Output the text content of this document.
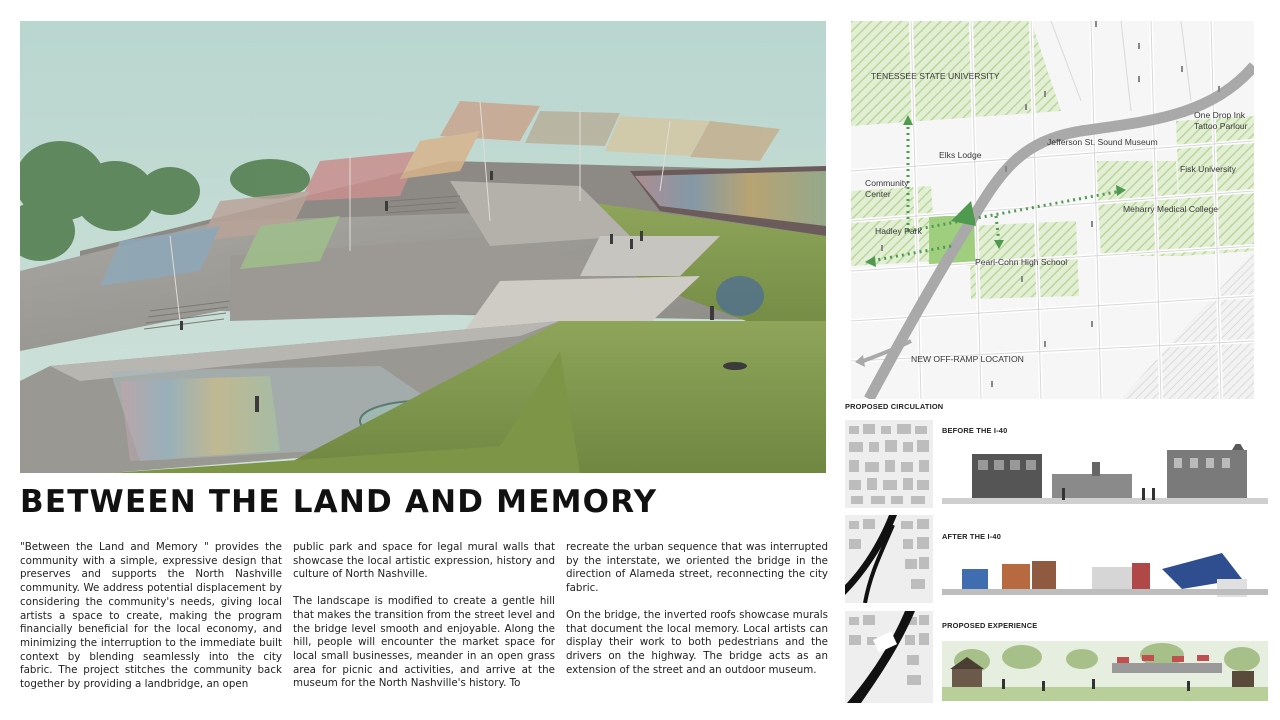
BETWEEN THE LAND AND MEMORY

"Between the Land and Memory " provides the community with a simple, expressive design that preserves and supports the North Nashville community. We address potential displacement by considering the community's needs, giving local artists a space to create, making the program financially beneficial for the local economy, and minimizing the interruption to the immediate built context by blending seamlessly into the city fabric. The project stitches the community back together by providing a landbridge, an open

public park and space for legal mural walls that showcase the local artistic expression, history and culture of North Nashville.

The landscape is modified to create a gentle hill that makes the transition from the street level and the bridge level smooth and enjoyable. Along the hill, people will encounter the market space for local small businesses, meander in an open grass area for picnic and activities, and arrive at the museum for the North Nashville's history. To

recreate the urban sequence that was interrupted by the interstate, we oriented the bridge in the direction of Alameda street, reconnecting the city fabric.

On the bridge, the inverted roofs showcase murals that document the local memory. Local artists can display their work to both pedestrians and the drivers on the highway. The bridge acts as an extension of the street and an outdoor museum.

TENESSEE STATE UNIVERSITY
One Drop Ink
Tattoo Parlour
Jefferson St. Sound Museum
Elks Lodge
Community
Center
Fisk University
Meharry Medical College
Hadley Park
Pearl-Cohn High School
NEW OFF-RAMP LOCATION
PROPOSED CIRCULATION
BEFORE THE I-40
AFTER THE I-40
PROPOSED EXPERIENCE
